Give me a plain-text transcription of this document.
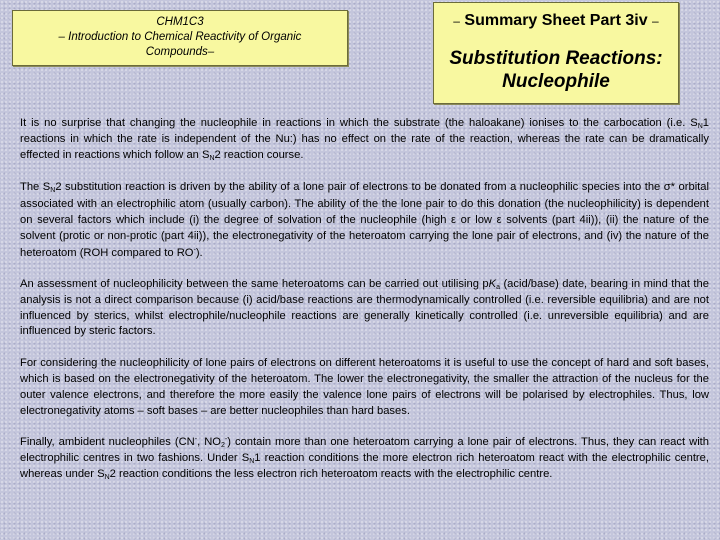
CHM1C3
– Introduction to Chemical Reactivity of Organic
Compounds–

– Summary Sheet Part 3iv –

Substitution Reactions:
Nucleophile

It is no surprise that changing the nucleophile in reactions in which the substrate (the haloakane) ionises to the carbocation (i.e. $S_N1$ reactions in which the rate is independent of the Nu:) has no effect on the rate of the reaction, whereas the rate can be dramatically effected in reactions which follow an $S_N2$ reaction course.

The $S_N2$ substitution reaction is driven by the ability of a lone pair of electrons to be donated from a nucleophilic species into the σ* orbital associated with an electrophilic atom (usually carbon). The ability of the the lone pair to do this donation (the nucleophilicity) is dependent on several factors which include (i) the degree of solvation of the nucleophile (high ε or low ε solvents (part 4ii)), (ii) the nature of the solvent (protic or non-protic (part 4ii)), the electronegativity of the heteroatom carrying the lone pair of electrons, and (iv) the nature of the heteroatom (ROH compared to RO-).

An assessment of nucleophilicity between the same heteroatoms can be carried out utilising $pK_a$ (acid/base) date, bearing in mind that the analysis is not a direct comparison because (i) acid/base reactions are thermodynamically controlled (i.e. reversible equilibria) and are not influenced by sterics, whilst electrophile/nucleophile reactions are generally kinetically controlled (i.e. unreversible equilibria) and are influenced by steric factors.

For considering the nucleophilicity of lone pairs of electrons on different heteroatoms it is useful to use the concept of hard and soft bases, which is based on the electronegativity of the heteroatom. The lower the electronegativity, the smaller the attraction of the nucleus for the outer valence electrons, and therefore the more easily the valence lone pairs of electrons will be polarised by electrophiles. Thus, low electronegativity atoms – soft bases – are better nucleophiles than hard bases.

Finally, ambident nucleophiles (CN-, $NO_2^-$) contain more than one heteroatom carrying a lone pair of electrons. Thus, they can react with electrophilic centres in two fashions. Under $S_N1$ reaction conditions the more electron rich heteroatom react with the electrophilic centre, whereas under $S_N2$ reaction conditions the less electron rich heteroatom reacts with the electrophilic centre.
